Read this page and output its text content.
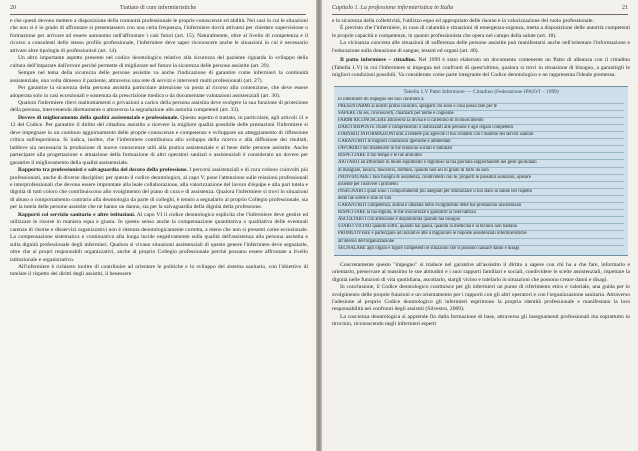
20	Trattato di cure infermieristiche

e che questi devono mettere a disposizione della comunità professionale le proprie conoscenze ed abilità. Nei casi in cui le situazioni che non si è in grado di affrontare si presentassero con una certa frequenza, l'infermiere dovrà attivarsi per chiedere supervisione o formazione per arrivare ad essere autonomo nell'affrontare i casi futuri (art. 15). Naturalmente, oltre al livello di competenza e il ricorso a consulenti dello stesso profilo professionale, l'infermiere deve saper riconoscere anche le situazioni in cui è necessario attivare altre tipologie di professionisti (art. 14).

Un altro importante aspetto presente nel codice deontologico relativo alla sicurezza del paziente riguarda lo sviluppo della cultura dell'imparare dall'errore perché permette di migliorare nel futuro la sicurezza delle persone assistite (art. 29).

Sempre nel tema della sicurezza delle persone assistite va anche l'indicazione di garantire come infermieri la continuità assistenziale, una volta dimesso il paziente, attraverso una rete di servizi e interventi multi professionali (art. 27).

Per garantire la sicurezza della persona assistita particolare attenzione va posta al ricorso alla contenzione, che deve essere adoperata solo in casi eccezionali e sostenuta da prescrizione medica o da documentate valutazioni assistenziali (art. 30).

Qualora l'infermiere rilevi maltrattamenti o privazioni a carico della persona assistita deve svolgere la sua funzione di protezione della persona, intervenendo direttamente o attraverso la segnalazione alle autorità competenti (art. 33).

Dovere di miglioramento della qualità assistenziale e professionale. Questo aspetto è trattato, in particolare, agli articoli 11 e 12 del Codice. Per garantire il diritto del cittadino assistito a ricevere la migliore qualità possibile delle prestazioni l'infermiere si deve impegnare in un continuo aggiornamento delle proprie conoscenze e competenze e sviluppare un atteggiamento di riflessione critica sull'esperienza. Si indica, inoltre, che l'infermiere contribuisca allo sviluppo della ricerca e alla diffusione dei risultati, laddove sia necessaria la produzione di nuove conoscenze utili alla pratica assistenziale e al bene delle persone assistite. Anche partecipare alla progettazione e attuazione della formazione di altri operatori sanitari e assistenziali è considerato un dovere per garantire il miglioramento della qualità assistenziale.

Rapporto tra professionisti e salvaguardia del decoro della professione. I percorsi assistenziali e di cura vedono coinvolti più professionisti, anche di diverse discipline; per questo il codice deontologico, al capo V, pone l'attenzione sulle relazioni professionali e interprofessionali che devono essere improntate alla leale collaborazione, alla valorizzazione del lavoro d'équipe e alla pari tutela e dignità di tutti coloro che contribuiscono allo svolgimento del piano di cura e di assistenza. Qualora l'infermiere si trovi in situazioni di abuso o comportamento contrario alla deontologia da parte di colleghi, è tenuto a segnalarlo al proprio Collegio professionale, sia per la tutela delle persone assistite che ne hanno un danno, sia per la salvaguardia della dignità della professione.

Rapporti col servizio sanitario e altre istituzioni. Al capo VI il codice deontologico esplicita che l'infermiere deve gestire ed utilizzare le risorse in maniera equa e giusta. In questo senso anche la compensazione quantitativa o qualitativa delle eventuali carenze di risorse e disservizi organizzativi non è ritenuta deontologicamente corretta, a meno che non si presenti come eccezionale. La compensazione sistematica e continuativa alla lunga incide negativamente sulla qualità dell'assistenza alla persona assistita e sulla dignità professionale degli infermieri. Qualora si vivano situazioni assistenziali di questo genere l'infermiere deve segnalarle, oltre che ai propri responsabili organizzativi, anche al proprio Collegio professionale perché possano essere affrontate a livello istituzionale e organizzativo.

All'infermiere è richiesto inoltre di contribuire ad orientare le politiche e lo sviluppo del sistema sanitario, con l'obiettivo di tutelare il rispetto dei diritti degli assistiti, il benessere

Capitolo 1. La professione infermieristica in Italia	21

e la sicurezza della collettività, l'utilizzo equo ed appropriato delle risorse e la valorizzazione del ruolo professionale.

È previsto che l'infermiere, in caso di calamità e situazioni di emergenza-urgenza, metta a disposizione delle autorità competenti le proprie capacità e competenze, in quanto professionista che opera nel campo della salute (art. 18).

La vicinanza concreta alle situazioni di sofferenza delle persone assistite può manifestarsi anche nell'orientare l'informazione e l'educazione sulla donazione di sangue, tessuti ed organi (art. 40).

Il patto infermiere – cittadino. Nel 1999 è stato elaborato un documento contenente un Patto di alleanza con il cittadino (Tabella 1.V) in cui l'infermiere si impegna nei confronti di quest'ultimo, qualora si trovi in situazione di bisogno, a garantirgli le migliori condizioni possibili. Va considerato come parte integrante del Codice deontologico e ne rappresenta l'ideale premessa.

Tabella 1.V Patto Infermiere — Cittadino (Federazione IPASVI – 1999)
Io infermiere mi impegno nei tuoi confronti a:
PRESENTARMI al nostro primo incontro, spiegarti chi sono e cosa posso fare per te
SAPERE chi sei, riconoscerti, chiamarti per nome e cognome
FARMI RICONOSCERE attraverso la divisa e il cartellino di riconoscimento
DARTI RISPOSTE chiare e comprensibili o indirizzarti alle persone e agli organi competenti
FORNIRTI INFORMAZIONI utili a rendere più agevole il tuo contatto con l'insieme dei servizi sanitari
GARANTIRTI le migliori condizioni igieniche e ambientali
FAVORIRTI nel mantenere le tue relazioni sociali e familiari
RISPETTARE il tuo tempo e le tue abitudini
AIUTARTI ad affrontare in modo equilibrato e dignitoso la tua giornata supportandoti nei gesti quotidiani
di mangiare, lavarsi, muoversi, dormire, quando non sei in grado di farlo da solo
INDIVIDUARE i tuoi bisogni di assistenza, condividerli con te, proporti le possibili soluzioni, operare
insieme per risolvere i problemi
INSEGNARTI quali sono i comportamenti più adeguati per ottimizzare il tuo stato di salute nel rispetto
delle tue scelte e stile di vita
GARANTIRTI competenza, abilità e umanità nello svolgimento delle tue prestazioni assistenziali
RISPETTARE la tua dignità, le tue insicurezze e garantirti la riservatezza
ASCOLTARTI con attenzione e disponibilità quando hai bisogno
STARTI VICINO quando soffri, quando hai paura, quando la medicina e la tecnica non bastano
PROMUOVERE e partecipare ad iniziative atte a migliorare le risposte assistenziali infermieristiche
all'interno dell'organizzazione
SEGNALARE agli organi e figure competenti le situazioni che ti possono causare danni e disagi

Concretamente questo "impegno" si traduce nel garantire all'assistito il diritto a sapere con chi ha a che fare, informarlo e orientarlo, preservare al massimo le sue abitudini e i suoi rapporti familiari e sociali, condividere le scelte assistenziali, rispettare la dignità nelle funzioni di vita quotidiana, ascoltarlo, stargli vicino e tutelarlo in situazioni che possono creare danni e disagi.

In conclusione, il Codice deontologico costituisce per gli infermieri un punto di riferimento etico e valoriale, una guida per lo svolgimento delle proprie funzioni e un orientamento per i rapporti con gli altri operatori e con l'organizzazione sanitaria. Attraverso l'adesione al proprio Codice deontologico gli infermieri esprimono la propria identità professionale e manifestano la loro responsabilità nei confronti degli assistiti (Silvestro, 2009).

La coscienza deontologica si apprende fin dalla formazione di base, attraverso gli insegnamenti professionali ma soprattutto in tirocinio, riconoscendo negli infermieri esperti
